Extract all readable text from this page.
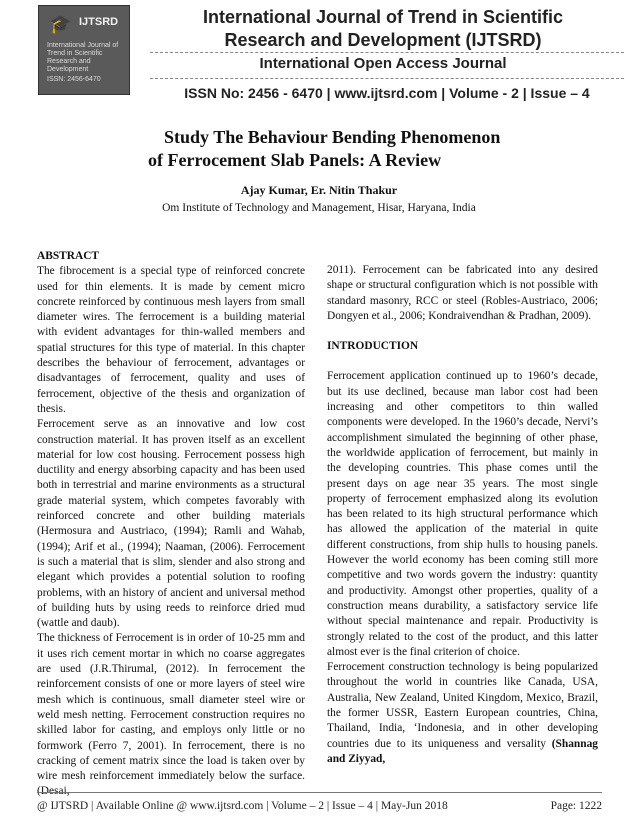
🎓 IJTSRD
International Journal of Trend in Scientific Research and Development
ISSN: 2456-6470
International Journal of Trend in Scientific
Research and Development (IJTSRD)
International Open Access Journal
ISSN No: 2456 - 6470 | www.ijtsrd.com | Volume - 2 | Issue – 4
Study The Behaviour Bending Phenomenon
of Ferrocement Slab Panels: A Review
Ajay Kumar, Er. Nitin Thakur
Om Institute of Technology and Management, Hisar, Haryana, India

ABSTRACT

The fibrocement is a special type of reinforced concrete used for thin elements. It is made by cement micro concrete reinforced by continuous mesh layers from small diameter wires. The ferrocement is a building material with evident advantages for thin-walled members and spatial structures for this type of material. In this chapter describes the behaviour of ferrocement, advantages or disadvantages of ferrocement, quality and uses of ferrocement, objective of the thesis and organization of thesis.

Ferrocement serve as an innovative and low cost construction material. It has proven itself as an excellent material for low cost housing. Ferrocement possess high ductility and energy absorbing capacity and has been used both in terrestrial and marine environments as a structural grade material system, which competes favorably with reinforced concrete and other building materials (Hermosura and Austriaco, (1994); Ramli and Wahab, (1994); Arif et al., (1994); Naaman, (2006). Ferrocement is such a material that is slim, slender and also strong and elegant which provides a potential solution to roofing problems, with an history of ancient and universal method of building huts by using reeds to reinforce dried mud (wattle and daub).

The thickness of Ferrocement is in order of 10-25 mm and it uses rich cement mortar in which no coarse aggregates are used (J.R.Thirumal, (2012). In ferrocement the reinforcement consists of one or more layers of steel wire mesh which is continuous, small diameter steel wire or weld mesh netting. Ferrocement construction requires no skilled labor for casting, and employs only little or no formwork (Ferro 7, 2001). In ferrocement, there is no cracking of cement matrix since the load is taken over by wire mesh reinforcement immediately below the surface. (Desai,

2011). Ferrocement can be fabricated into any desired shape or structural configuration which is not possible with standard masonry, RCC or steel (Robles-Austriaco, 2006; Dongyen et al., 2006; Kondraivendhan & Pradhan, 2009).

INTRODUCTION

Ferrocement application continued up to 1960’s decade, but its use declined, because man labor cost had been increasing and other competitors to thin walled components were developed. In the 1960’s decade, Nervi’s accomplishment simulated the beginning of other phase, the worldwide application of ferrocement, but mainly in the developing countries. This phase comes until the present days on age near 35 years. The most single property of ferrocement emphasized along its evolution has been related to its high structural performance which has allowed the application of the material in quite different constructions, from ship hulls to housing panels. However the world economy has been coming still more competitive and two words govern the industry: quantity and productivity. Amongst other properties, quality of a construction means durability, a satisfactory service life without special maintenance and repair. Productivity is strongly related to the cost of the product, and this latter almost ever is the final criterion of choice.

Ferrocement construction technology is being popularized throughout the world in countries like Canada, USA, Australia, New Zealand, United Kingdom, Mexico, Brazil, the former USSR, Eastern European countries, China, Thailand, India, ‘Indonesia, and in other developing countries due to its uniqueness and versality (Shannag and Ziyyad,

@ IJTSRD | Available Online @ www.ijtsrd.com | Volume – 2 | Issue – 4 | May-Jun 2018	Page: 1222
